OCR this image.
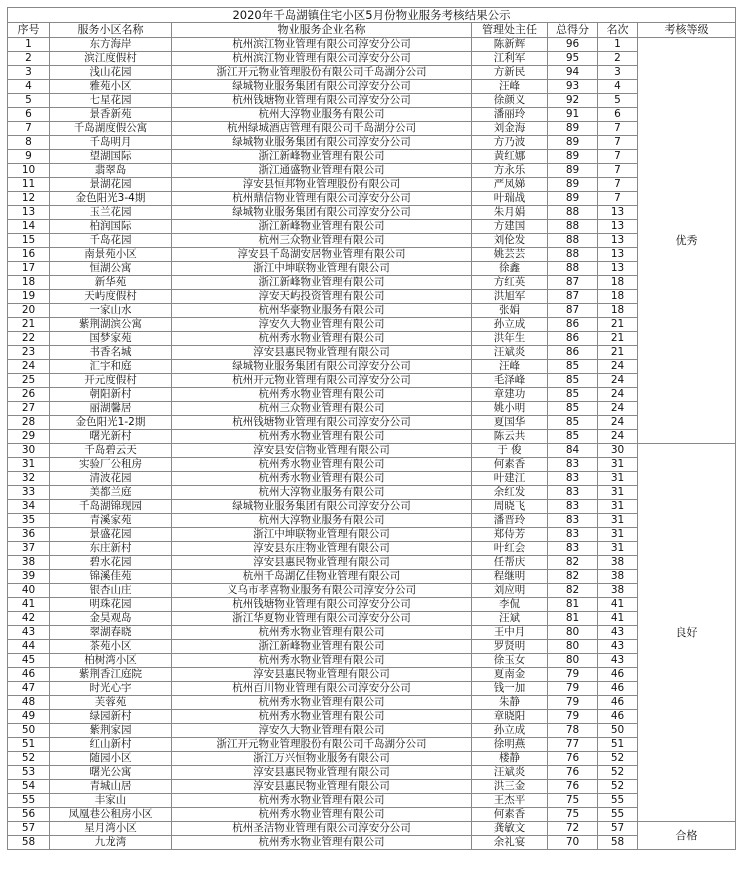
2020年千岛湖镇住宅小区5月份物业服务考核结果公示						
序号	服务小区名称	物业服务企业名称	管理处主任	总得分	名次	考核等级
1	东方海岸	杭州滨江物业管理有限公司淳安分公司	陈新辉	96	1	优秀
2	滨江度假村	杭州滨江物业管理有限公司淳安分公司	江利军	95	2	
3	浅山花园	浙江开元物业管理股份有限公司千岛湖分公司	方新民	94	3	
4	雅苑小区	绿城物业服务集团有限公司淳安分公司	汪峰	93	4	
5	七星花园	杭州钱塘物业管理有限公司淳安分公司	徐颜义	92	5	
6	景香新苑	杭州大淳物业服务有限公司	潘丽玲	91	6	
7	千岛湖度假公寓	杭州绿城酒店管理有限公司千岛湖分公司	刘金海	89	7	
8	千岛明月	绿城物业服务集团有限公司淳安分公司	方乃波	89	7	
9	望湖国际	浙江新峰物业管理有限公司	黄红娜	89	7	
10	翡翠岛	浙江通盛物业管理有限公司	方永乐	89	7	
11	景湖花园	淳安县恒邦物业管理股份有限公司	严凤娣	89	7	
12	金色阳光3-4期	杭州鼎信物业管理有限公司淳安分公司	叶瑞战	89	7	
13	玉兰花园	绿城物业服务集团有限公司淳安分公司	朱月娟	88	13	
14	柏润国际	浙江新峰物业管理有限公司	方建国	88	13	
15	千岛花园	杭州三众物业管理有限公司	刘伦发	88	13	
16	南景苑小区	淳安县千岛湖安居物业管理有限公司	姚芸芸	88	13	
17	恒湖公寓	浙江中坤联物业管理有限公司	徐鑫	88	13	
18	新华苑	浙江新峰物业管理有限公司	方红英	87	18	
19	天屿度假村	淳安天屿投资管理有限公司	洪旭军	87	18	
20	一家山水	杭州华豪物业服务有限公司	张娟	87	18	
21	紫荆湖滨公寓	淳安久大物业管理有限公司	孙立成	86	21	
22	国梦家苑	杭州秀水物业管理有限公司	洪年生	86	21	
23	书香名城	淳安县惠民物业管理有限公司	汪斌炎	86	21	
24	汇宇和庭	绿城物业服务集团有限公司淳安分公司	汪峰	85	24	
25	开元度假村	杭州开元物业管理有限公司淳安分公司	毛泽峰	85	24	
26	朝阳新村	杭州秀水物业管理有限公司	章建功	85	24	
27	丽湖馨居	杭州三众物业管理有限公司	姚小明	85	24	
28	金色阳光1-2期	杭州钱塘物业管理有限公司淳安分公司	夏国华	85	24	
29	曙光新村	杭州秀水物业管理有限公司	陈云共	85	24	
30	千岛碧云天	淳安县安信物业管理有限公司	于 俊	84	30	良好
31	实验厂公租房	杭州秀水物业管理有限公司	何素香	83	31	
32	清波花园	杭州秀水物业管理有限公司	叶建江	83	31	
33	美都兰庭	杭州大淳物业服务有限公司	余红发	83	31	
34	千岛湖锦现园	绿城物业服务集团有限公司淳安分公司	周晓飞	83	31	
35	青溪家苑	杭州大淳物业服务有限公司	潘晋玲	83	31	
36	景盛花园	浙江中坤联物业管理有限公司	郑侍芳	83	31	
37	东庄新村	淳安县东庄物业管理有限公司	叶红会	83	31	
38	碧水花园	淳安县惠民物业管理有限公司	任帮庆	82	38	
39	锦溪佳苑	杭州千岛湖亿佳物业管理有限公司	程继明	82	38	
40	银杏山庄	义乌市孝喜物业服务有限公司淳安分公司	刘应明	82	38	
41	明珠花园	杭州钱塘物业管理有限公司淳安分公司	李侃	81	41	
42	金昊观岛	浙江华夏物业管理有限公司淳安分公司	汪斌	81	41	
43	翠湖春晓	杭州秀水物业管理有限公司	王中月	80	43	
44	茶苑小区	浙江新峰物业管理有限公司	罗贤明	80	43	
45	柏树湾小区	杭州秀水物业管理有限公司	徐玉女	80	43	
46	紫荆香江庭院	淳安县惠民物业管理有限公司	夏南金	79	46	
47	时光心宇	杭州百川物业管理有限公司淳安分公司	钱一加	79	46	
48	芙蓉苑	杭州秀水物业管理有限公司	朱静	79	46	
49	绿园新村	杭州秀水物业管理有限公司	章晓阳	79	46	
50	紫荆家园	淳安久大物业管理有限公司	孙立成	78	50	
51	红山新村	浙江开元物业管理股份有限公司千岛湖分公司	徐明燕	77	51	
52	随园小区	浙江万兴恒物业服务有限公司	楼静	76	52	
53	曙光公寓	淳安县惠民物业管理有限公司	汪斌炎	76	52	
54	青城山居	淳安县惠民物业管理有限公司	洪三金	76	52	
55	丰家山	杭州秀水物业管理有限公司	王杰平	75	55	
56	凤凰巷公租房小区	杭州秀水物业管理有限公司	何素香	75	55	
57	星月湾小区	杭州圣洁物业管理有限公司淳安分公司	龚敏文	72	57	合格
58	九龙湾	杭州秀水物业管理有限公司	余礼宴	70	58	
